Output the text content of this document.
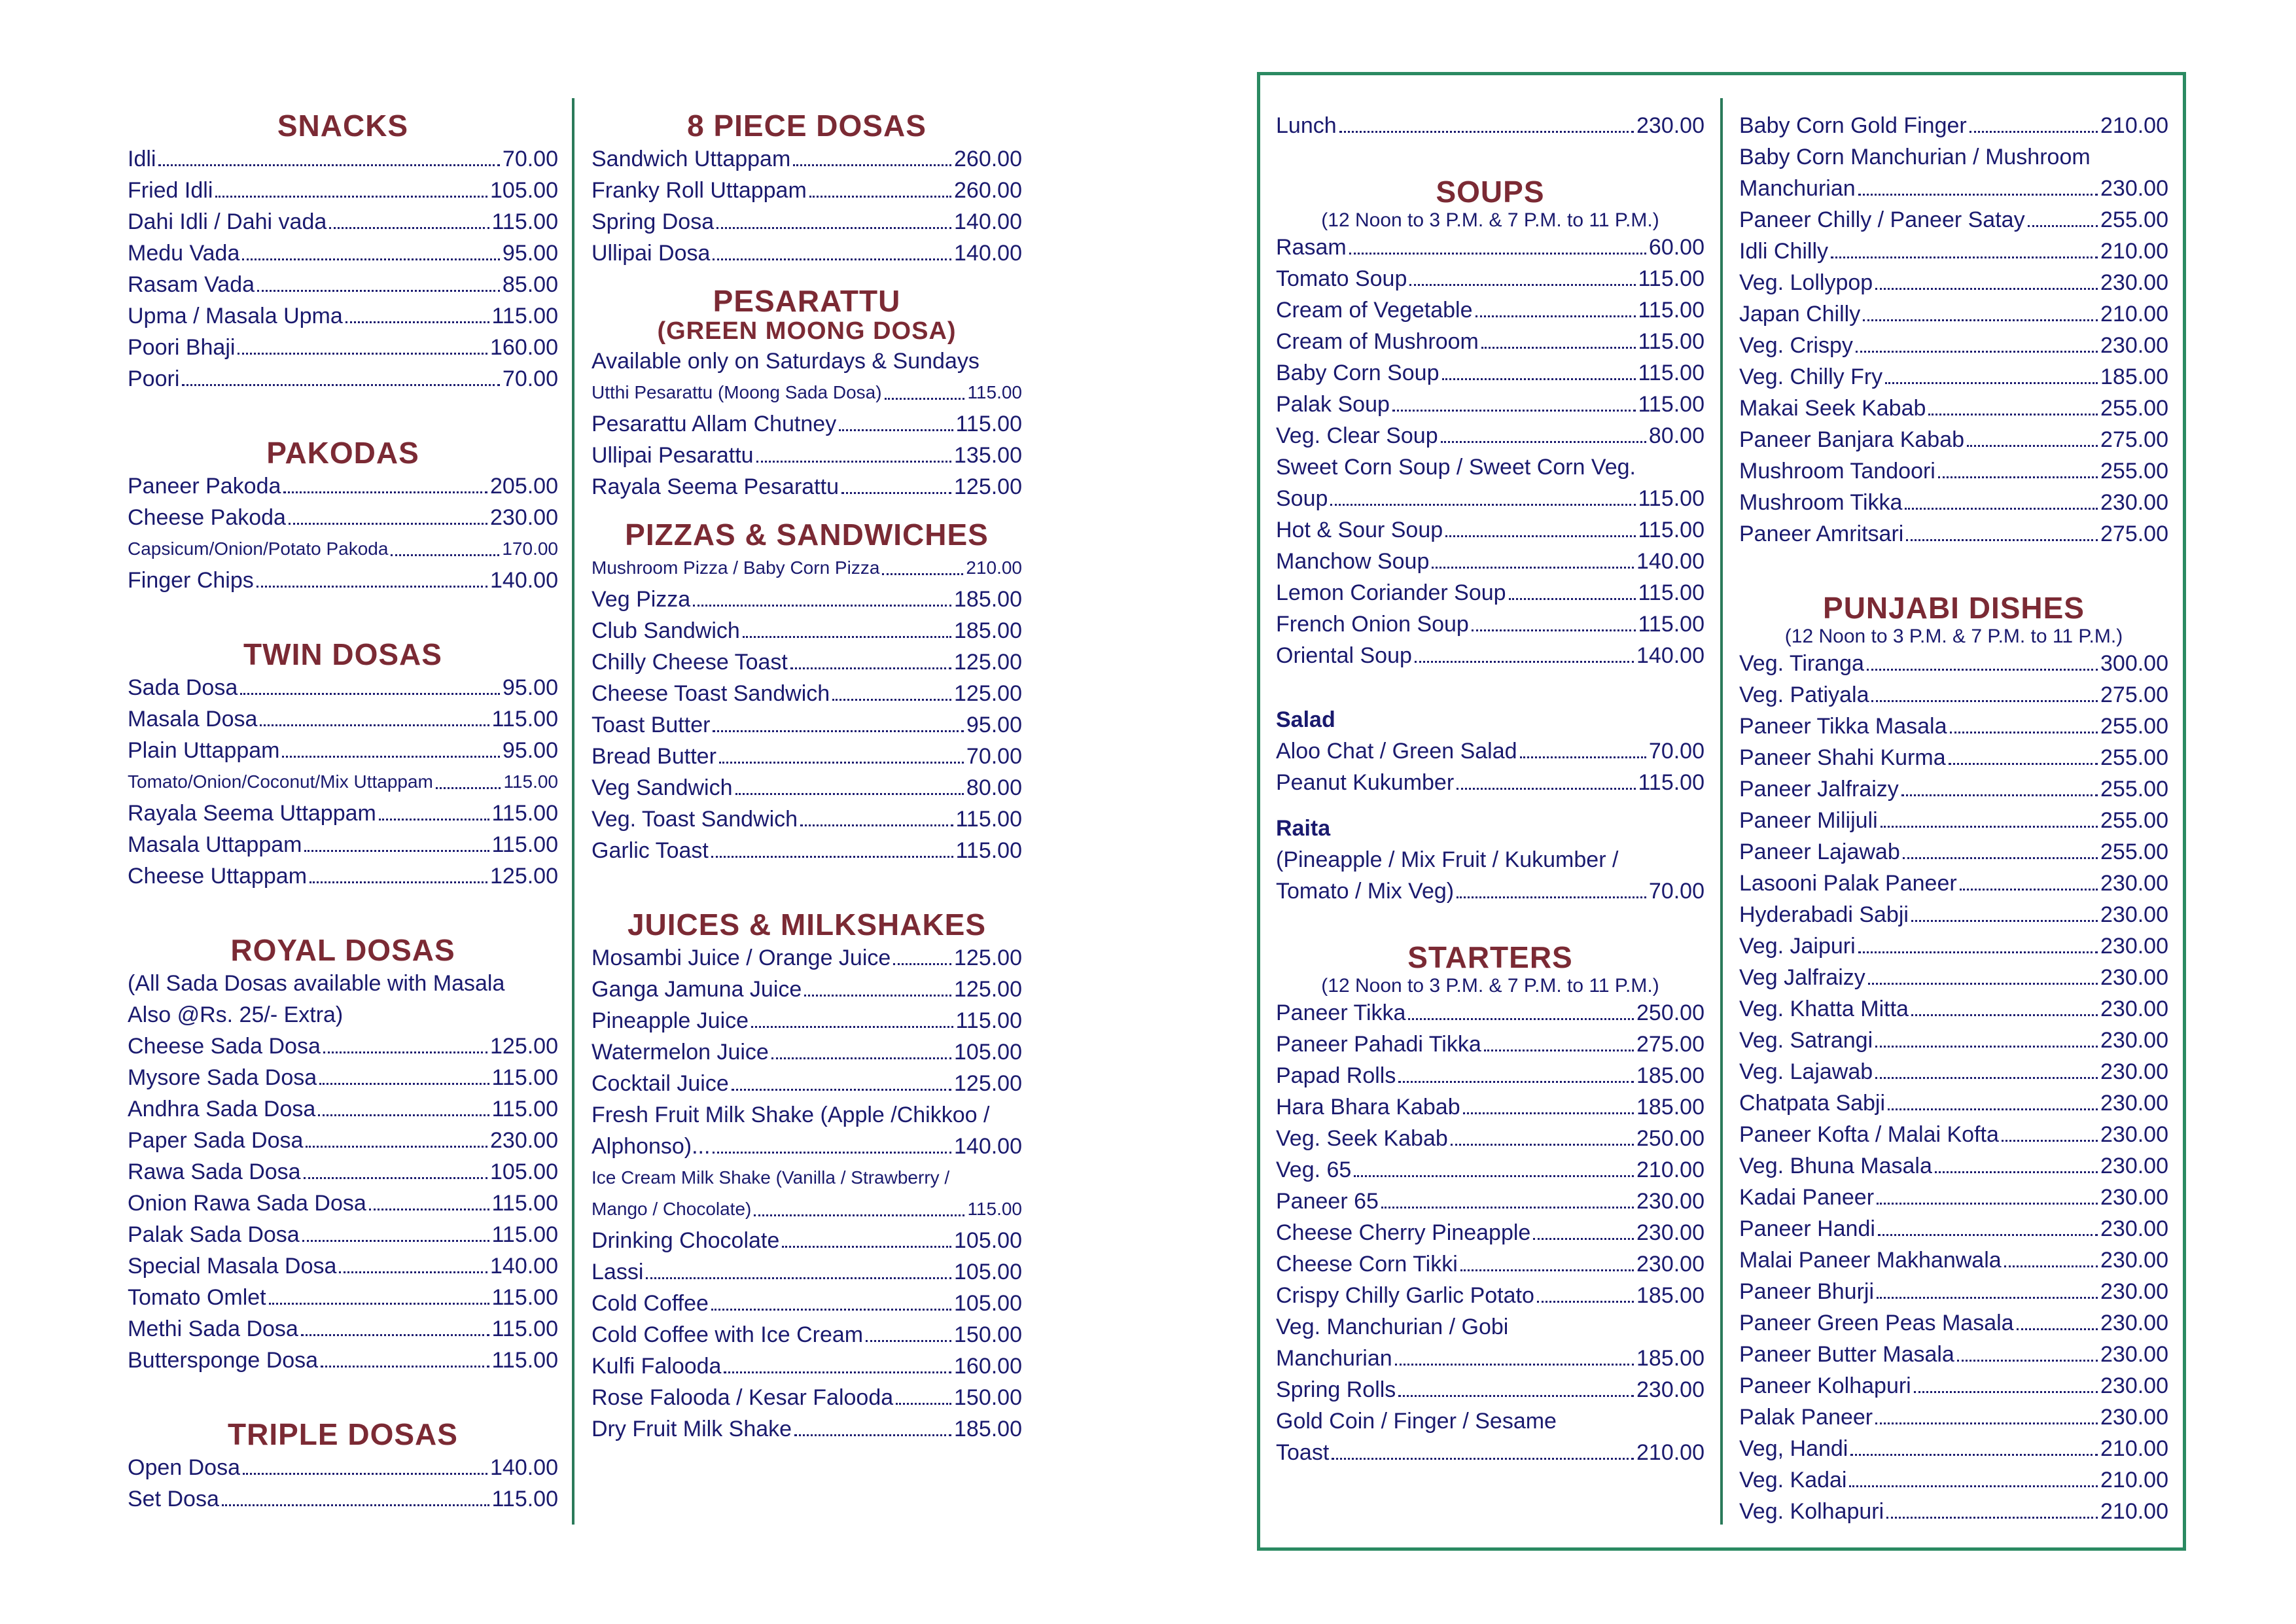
SNACKS
Idli	70.00
Fried Idli	105.00
Dahi Idli / Dahi vada	115.00
Medu Vada	95.00
Rasam Vada	85.00
Upma / Masala Upma	115.00
Poori Bhaji	160.00
Poori	70.00
PAKODAS
Paneer Pakoda	205.00
Cheese Pakoda	230.00
Capsicum/Onion/Potato Pakoda	170.00
Finger Chips	140.00
TWIN DOSAS
Sada Dosa	95.00
Masala Dosa	115.00
Plain Uttappam	95.00
Tomato/Onion/Coconut/Mix Uttappam	115.00
Rayala Seema Uttappam	115.00
Masala Uttappam	115.00
Cheese Uttappam	125.00
ROYAL DOSAS
(All Sada Dosas available with Masala
Also @Rs. 25/- Extra)
Cheese Sada Dosa	125.00
Mysore Sada Dosa	115.00
Andhra Sada Dosa	115.00
Paper Sada Dosa	230.00
Rawa Sada Dosa	105.00
Onion Rawa Sada Dosa	115.00
Palak Sada Dosa	115.00
Special Masala Dosa	140.00
Tomato Omlet	115.00
Methi Sada Dosa	115.00
Buttersponge Dosa	115.00
TRIPLE DOSAS
Open Dosa	140.00
Set Dosa	115.00
8 PIECE DOSAS
Sandwich Uttappam	260.00
Franky Roll Uttappam	260.00
Spring Dosa	140.00
Ullipai Dosa	140.00
PESARATTU
(GREEN MOONG DOSA)
Available only on Saturdays & Sundays
Utthi Pesarattu (Moong Sada Dosa)	115.00
Pesarattu Allam Chutney	115.00
Ullipai Pesarattu	135.00
Rayala Seema Pesarattu	125.00
PIZZAS & SANDWICHES
Mushroom Pizza / Baby Corn Pizza	210.00
Veg Pizza	185.00
Club Sandwich	185.00
Chilly Cheese Toast	125.00
Cheese Toast Sandwich	125.00
Toast Butter	95.00
Bread Butter	70.00
Veg Sandwich	80.00
Veg. Toast Sandwich	115.00
Garlic Toast	115.00
JUICES & MILKSHAKES
Mosambi Juice / Orange Juice	125.00
Ganga Jamuna Juice	125.00
Pineapple Juice	115.00
Watermelon Juice	105.00
Cocktail Juice	125.00
Fresh Fruit Milk Shake (Apple /Chikkoo /
Alphonso)...	140.00
Ice Cream Milk Shake (Vanilla / Strawberry /
Mango / Chocolate)	115.00
Drinking Chocolate	105.00
Lassi	105.00
Cold Coffee	105.00
Cold Coffee with Ice Cream	150.00
Kulfi Falooda	160.00
Rose Falooda / Kesar Falooda	150.00
Dry Fruit Milk Shake	185.00
Lunch	230.00
SOUPS
(12 Noon to 3 P.M. & 7 P.M. to 11 P.M.)
Rasam	60.00
Tomato Soup	115.00
Cream of Vegetable	115.00
Cream of Mushroom	115.00
Baby Corn Soup	115.00
Palak Soup	115.00
Veg. Clear Soup	80.00
Sweet Corn Soup / Sweet Corn Veg.
Soup	115.00
Hot & Sour Soup	115.00
Manchow Soup	140.00
Lemon Coriander Soup	115.00
French Onion Soup	115.00
Oriental Soup	140.00
Salad
Aloo Chat / Green Salad	70.00
Peanut Kukumber	115.00
Raita
(Pineapple / Mix Fruit / Kukumber /
Tomato / Mix Veg)	70.00
STARTERS
(12 Noon to 3 P.M. & 7 P.M. to 11 P.M.)
Paneer Tikka	250.00
Paneer Pahadi Tikka	275.00
Papad Rolls	185.00
Hara Bhara Kabab	185.00
Veg. Seek Kabab	250.00
Veg. 65	210.00
Paneer 65	230.00
Cheese Cherry Pineapple	230.00
Cheese Corn Tikki	230.00
Crispy Chilly Garlic Potato	185.00
Veg. Manchurian / Gobi
Manchurian	185.00
Spring Rolls	230.00
Gold Coin / Finger / Sesame
Toast	210.00
Baby Corn Gold Finger	210.00
Baby Corn Manchurian / Mushroom
Manchurian	230.00
Paneer Chilly / Paneer Satay	255.00
Idli Chilly	210.00
Veg. Lollypop	230.00
Japan Chilly	210.00
Veg. Crispy	230.00
Veg. Chilly Fry	185.00
Makai Seek Kabab	255.00
Paneer Banjara Kabab	275.00
Mushroom Tandoori	255.00
Mushroom Tikka	230.00
Paneer Amritsari	275.00
PUNJABI DISHES
(12 Noon to 3 P.M. & 7 P.M. to 11 P.M.)
Veg. Tiranga	300.00
Veg. Patiyala	275.00
Paneer Tikka Masala	255.00
Paneer Shahi Kurma	255.00
Paneer Jalfraizy	255.00
Paneer Milijuli	255.00
Paneer Lajawab	255.00
Lasooni Palak Paneer	230.00
Hyderabadi Sabji	230.00
Veg. Jaipuri	230.00
Veg Jalfraizy	230.00
Veg. Khatta Mitta	230.00
Veg. Satrangi	230.00
Veg. Lajawab	230.00
Chatpata Sabji	230.00
Paneer Kofta / Malai Kofta	230.00
Veg. Bhuna Masala	230.00
Kadai Paneer	230.00
Paneer Handi	230.00
Malai Paneer Makhanwala	230.00
Paneer Bhurji	230.00
Paneer Green Peas Masala	230.00
Paneer Butter Masala	230.00
Paneer Kolhapuri	230.00
Palak Paneer	230.00
Veg, Handi	210.00
Veg. Kadai	210.00
Veg. Kolhapuri	210.00
